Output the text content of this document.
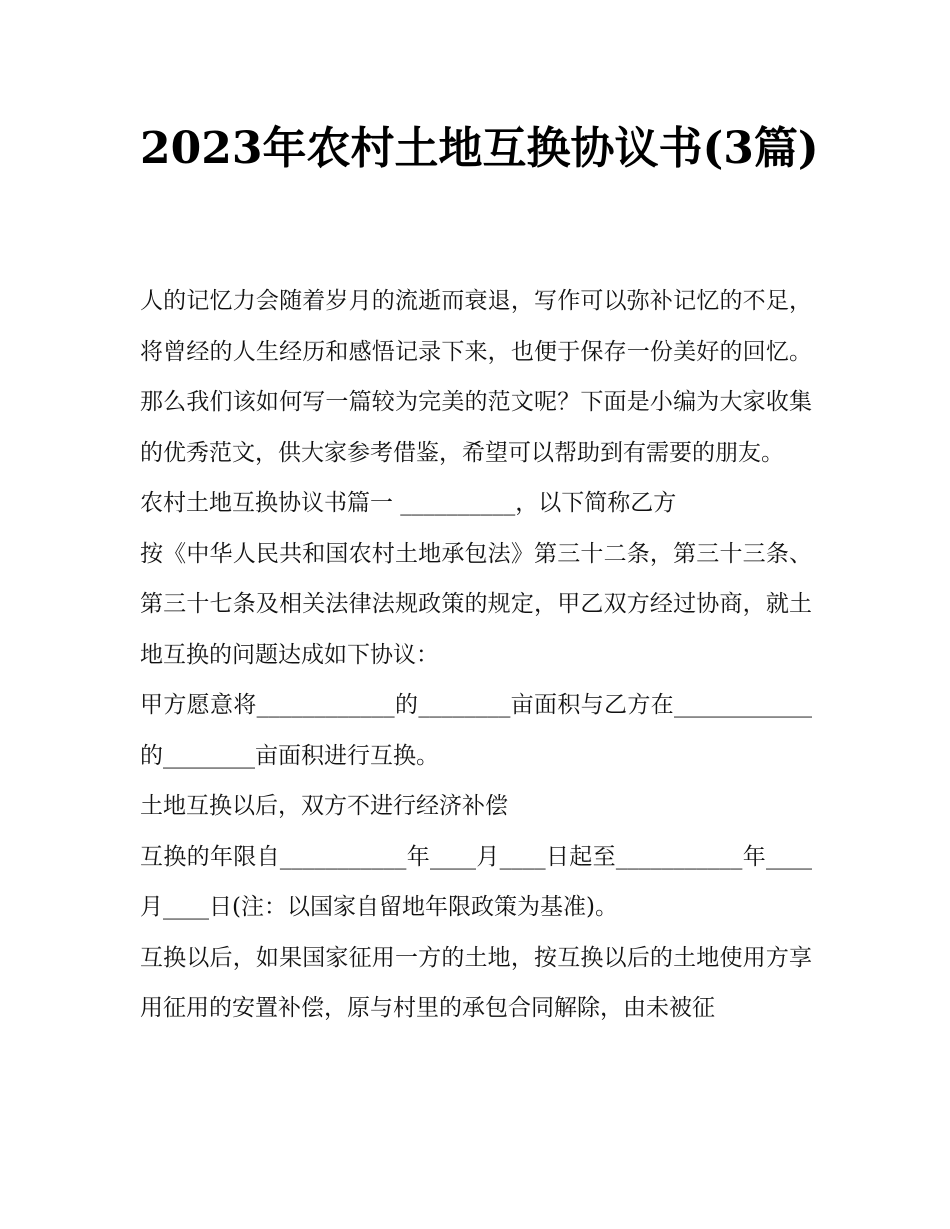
2023年农村土地互换协议书(3篇)

人的记忆力会随着岁月的流逝而衰退，写作可以弥补记忆的不足，将曾经的人生经历和感悟记录下来，也便于保存一份美好的回忆。那么我们该如何写一篇较为完美的范文呢？下面是小编为大家收集的优秀范文，供大家参考借鉴，希望可以帮助到有需要的朋友。

农村土地互换协议书篇一 __________，以下简称乙方

按《中华人民共和国农村土地承包法》第三十二条，第三十三条、第三十七条及相关法律法规政策的规定，甲乙双方经过协商，就土地互换的问题达成如下协议：

甲方愿意将____________的________亩面积与乙方在____________的________亩面积进行互换。

土地互换以后，双方不进行经济补偿

互换的年限自___________年____月____日起至___________年____月____日(注：以国家自留地年限政策为基准)。

互换以后，如果国家征用一方的土地，按互换以后的土地使用方享用征用的安置补偿，原与村里的承包合同解除，由未被征
